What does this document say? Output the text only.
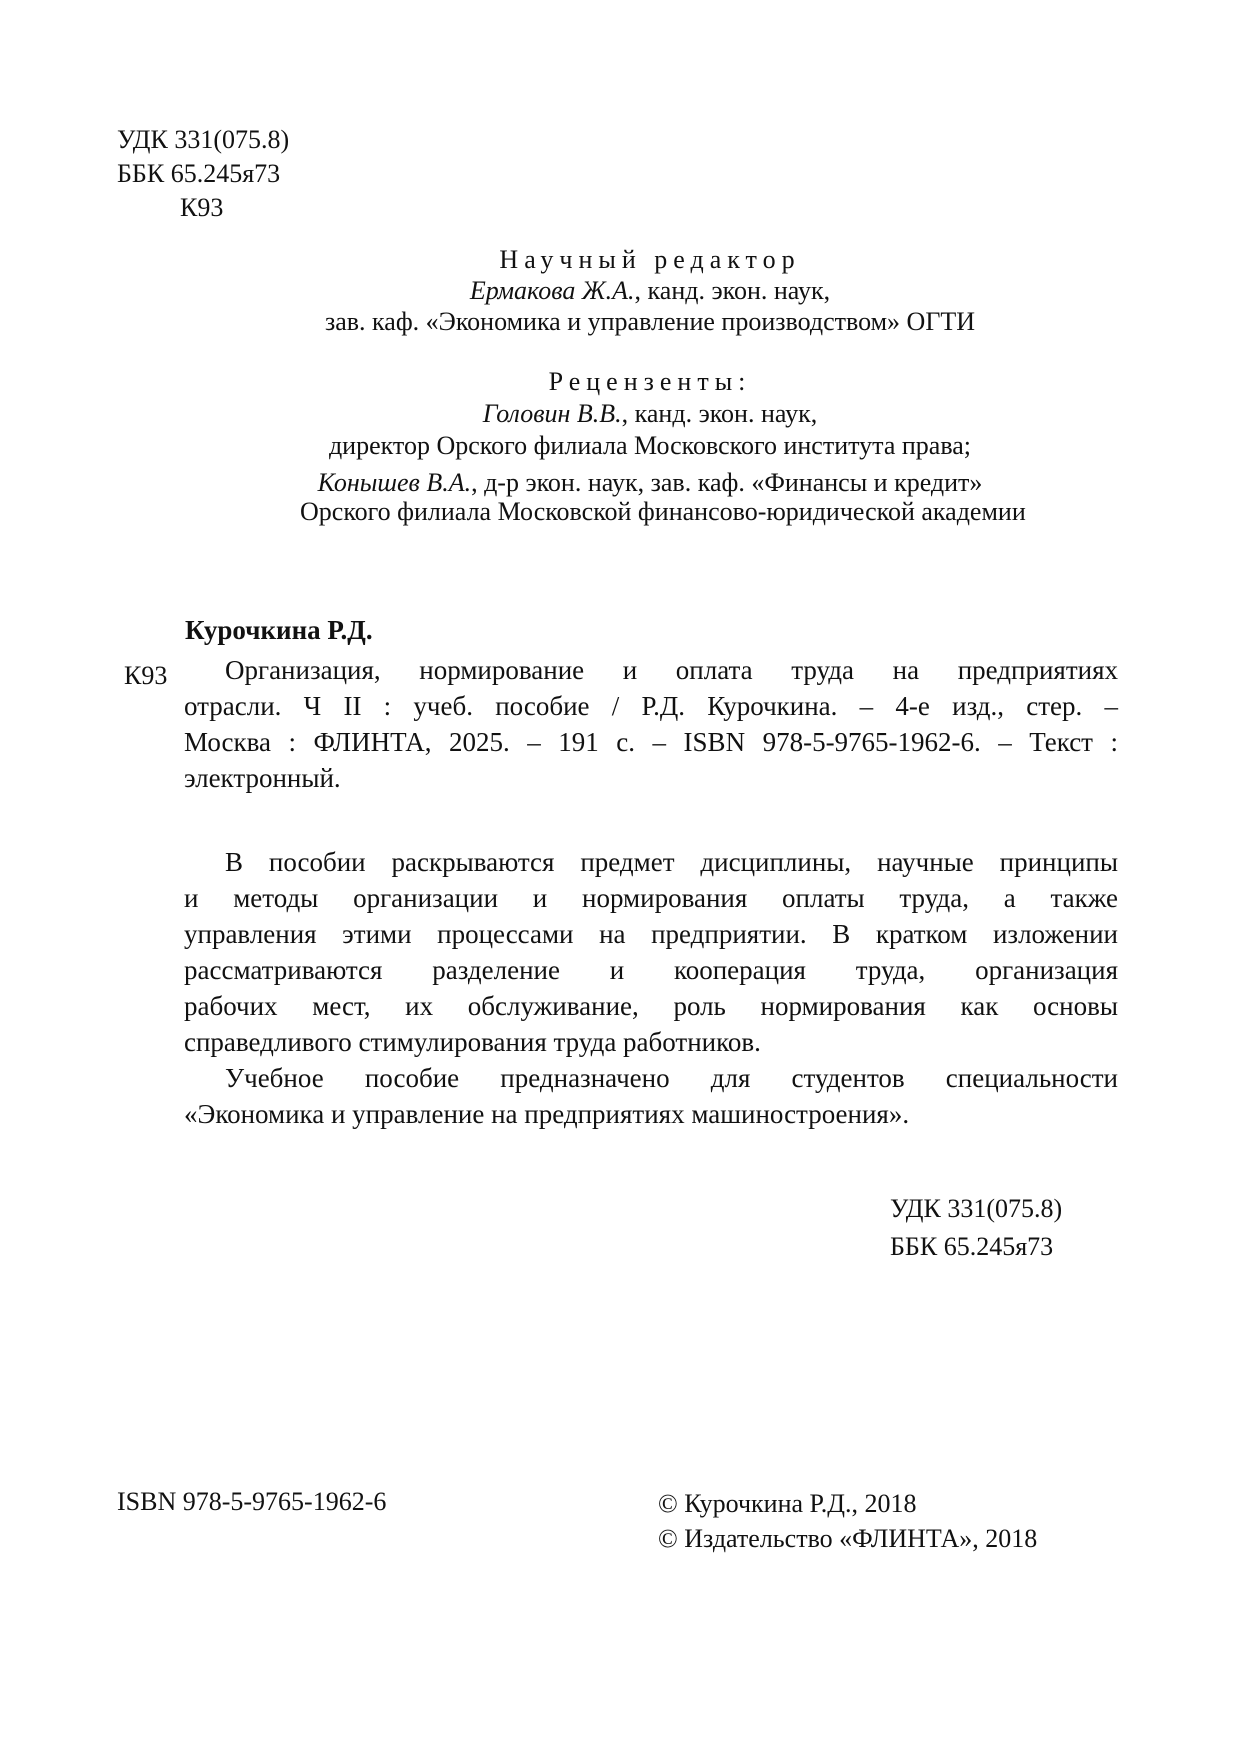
УДК 331(075.8)
ББК 65.245я73
К93
Научный редактор
Ермакова Ж.А., канд. экон. наук,
зав. каф. «Экономика и управление производством» ОГТИ
Рецензенты:
Головин В.В., канд. экон. наук,
директор Орского филиала Московского института права;
Конышев В.А., д-р экон. наук, зав. каф. «Финансы и кредит»
Орского филиала Московской финансово-юридической академии
Курочкина Р.Д.
К93	Организация, нормирование и оплата труда на предприятиях
отрасли. Ч II : учеб. пособие / Р.Д. Курочкина. – 4-е изд., стер. –
Москва : ФЛИНТА, 2025. – 191 с. – ISBN 978-5-9765-1962-6. – Текст :
электронный.
В пособии раскрываются предмет дисциплины, научные принципы
и методы организации и нормирования оплаты труда, а также
управления этими процессами на предприятии. В кратком изложении
рассматриваются разделение и кооперация труда, организация
рабочих мест, их обслуживание, роль нормирования как основы
справедливого стимулирования труда работников.
Учебное пособие предназначено для студентов специальности
«Экономика и управление на предприятиях машиностроения».
УДК 331(075.8)
ББК 65.245я73
ISBN 978-5-9765-1962-6	© Курочкина Р.Д., 2018
© Издательство «ФЛИНТА», 2018
